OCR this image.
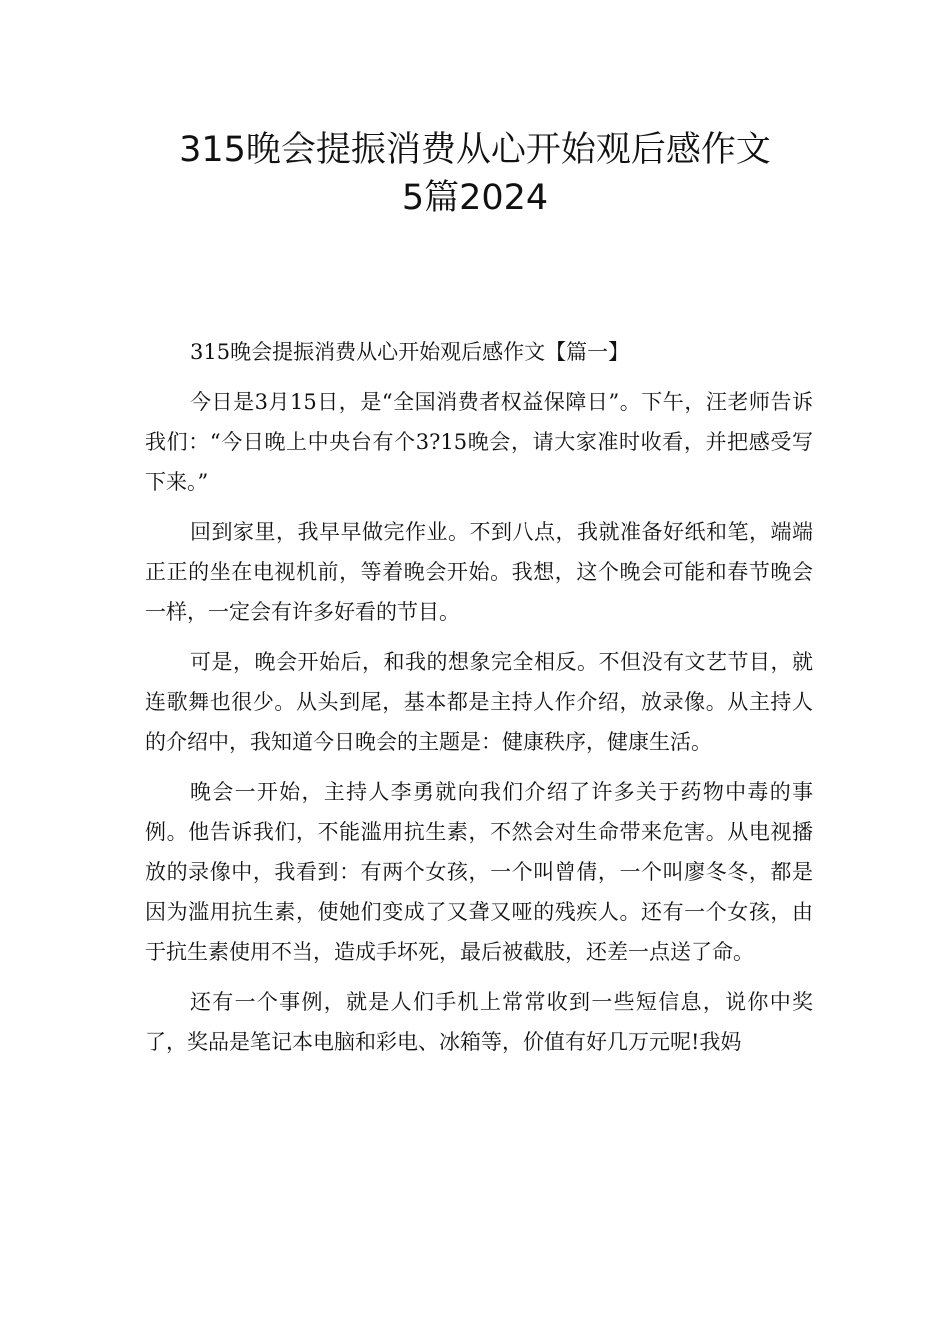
315晚会提振消费从心开始观后感作文
5篇2024

315晚会提振消费从心开始观后感作文【篇一】

今日是3月15日，是“全国消费者权益保障日”。下午，汪老师告诉我们：“今日晚上中央台有个3?15晚会，请大家准时收看，并把感受写下来。”

回到家里，我早早做完作业。不到八点，我就准备好纸和笔，端端正正的坐在电视机前，等着晚会开始。我想，这个晚会可能和春节晚会一样，一定会有许多好看的节目。

可是，晚会开始后，和我的想象完全相反。不但没有文艺节目，就连歌舞也很少。从头到尾，基本都是主持人作介绍，放录像。从主持人的介绍中，我知道今日晚会的主题是：健康秩序，健康生活。

晚会一开始，主持人李勇就向我们介绍了许多关于药物中毒的事例。他告诉我们，不能滥用抗生素，不然会对生命带来危害。从电视播放的录像中，我看到：有两个女孩，一个叫曾倩，一个叫廖冬冬，都是因为滥用抗生素，使她们变成了又聋又哑的残疾人。还有一个女孩，由于抗生素使用不当，造成手坏死，最后被截肢，还差一点送了命。

还有一个事例，就是人们手机上常常收到一些短信息，说你中奖了，奖品是笔记本电脑和彩电、冰箱等，价值有好几万元呢!我妈
